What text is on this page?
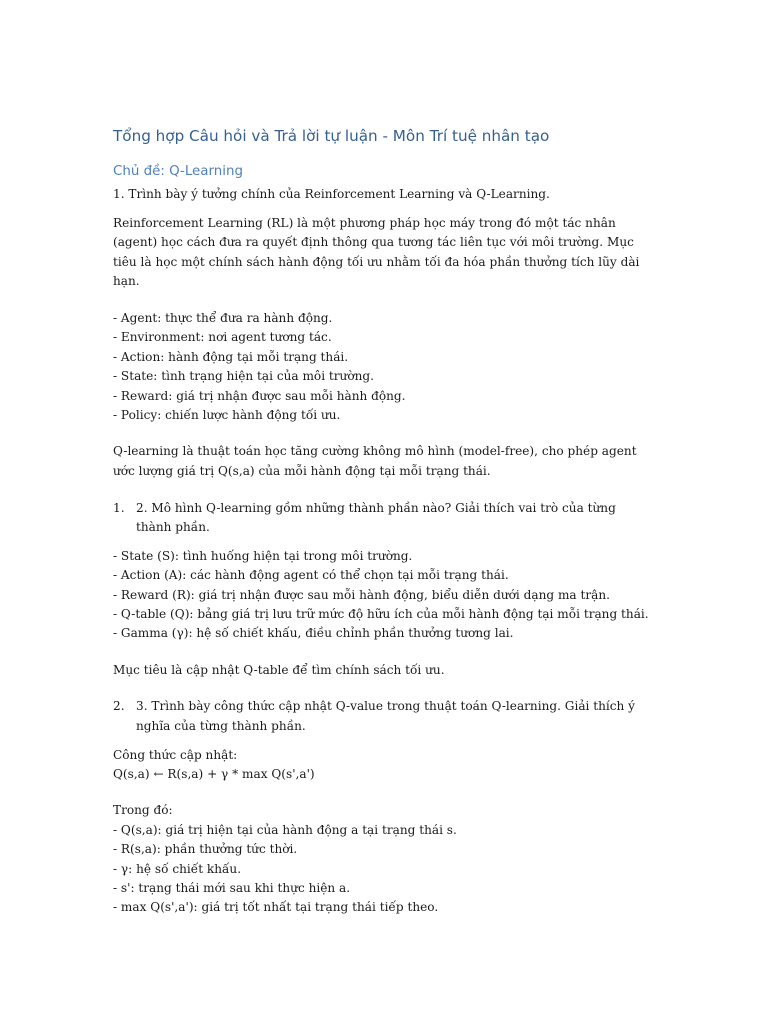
Tổng hợp Câu hỏi và Trả lời tự luận - Môn Trí tuệ nhân tạo
Chủ đề: Q-Learning

1. Trình bày ý tưởng chính của Reinforcement Learning và Q-Learning.

Reinforcement Learning (RL) là một phương pháp học máy trong đó một tác nhân (agent) học cách đưa ra quyết định thông qua tương tác liên tục với môi trường. Mục tiêu là học một chính sách hành động tối ưu nhằm tối đa hóa phần thưởng tích lũy dài hạn.

- Agent: thực thể đưa ra hành động.

- Environment: nơi agent tương tác.

- Action: hành động tại mỗi trạng thái.

- State: tình trạng hiện tại của môi trường.

- Reward: giá trị nhận được sau mỗi hành động.

- Policy: chiến lược hành động tối ưu.

Q-learning là thuật toán học tăng cường không mô hình (model-free), cho phép agent ước lượng giá trị Q(s,a) của mỗi hành động tại mỗi trạng thái.

1. 2. Mô hình Q-learning gồm những thành phần nào? Giải thích vai trò của từng thành phần.

- State (S): tình huống hiện tại trong môi trường.

- Action (A): các hành động agent có thể chọn tại mỗi trạng thái.

- Reward (R): giá trị nhận được sau mỗi hành động, biểu diễn dưới dạng ma trận.

- Q-table (Q): bảng giá trị lưu trữ mức độ hữu ích của mỗi hành động tại mỗi trạng thái.

- Gamma (γ): hệ số chiết khấu, điều chỉnh phần thưởng tương lai.

Mục tiêu là cập nhật Q-table để tìm chính sách tối ưu.

2. 3. Trình bày công thức cập nhật Q-value trong thuật toán Q-learning. Giải thích ý nghĩa của từng thành phần.

Công thức cập nhật:

Q(s,a) ← R(s,a) + γ * max Q(s',a')

Trong đó:

- Q(s,a): giá trị hiện tại của hành động a tại trạng thái s.

- R(s,a): phần thưởng tức thời.

- γ: hệ số chiết khấu.

- s': trạng thái mới sau khi thực hiện a.

- max Q(s',a'): giá trị tốt nhất tại trạng thái tiếp theo.
